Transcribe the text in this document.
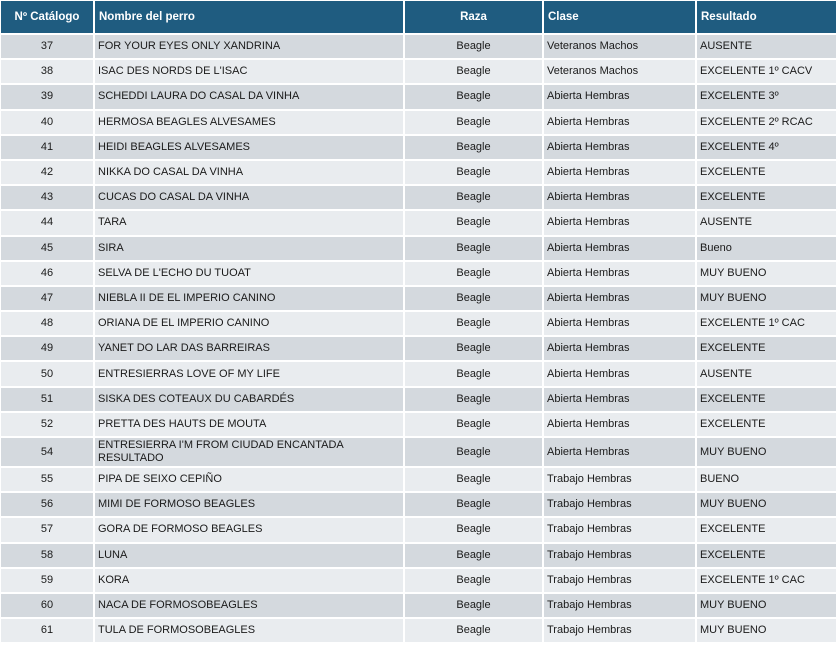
Nº Catálogo	Nombre del perro	Raza	Clase	Resultado
37	FOR YOUR EYES ONLY XANDRINA	Beagle	Veteranos Machos	AUSENTE
38	ISAC DES NORDS DE L'ISAC	Beagle	Veteranos Machos	EXCELENTE 1º CACV
39	SCHEDDI LAURA DO CASAL DA VINHA	Beagle	Abierta Hembras	EXCELENTE 3º
40	HERMOSA BEAGLES ALVESAMES	Beagle	Abierta Hembras	EXCELENTE 2º RCAC
41	HEIDI BEAGLES ALVESAMES	Beagle	Abierta Hembras	EXCELENTE 4º
42	NIKKA DO CASAL DA VINHA	Beagle	Abierta Hembras	EXCELENTE
43	CUCAS DO CASAL DA VINHA	Beagle	Abierta Hembras	EXCELENTE
44	TARA	Beagle	Abierta Hembras	AUSENTE
45	SIRA	Beagle	Abierta Hembras	Bueno
46	SELVA DE L'ECHO DU TUOAT	Beagle	Abierta Hembras	MUY BUENO
47	NIEBLA II DE EL IMPERIO CANINO	Beagle	Abierta Hembras	MUY BUENO
48	ORIANA DE EL IMPERIO CANINO	Beagle	Abierta Hembras	EXCELENTE 1º CAC
49	YANET DO LAR DAS BARREIRAS	Beagle	Abierta Hembras	EXCELENTE
50	ENTRESIERRAS LOVE OF MY LIFE	Beagle	Abierta Hembras	AUSENTE
51	SISKA DES COTEAUX DU CABARDÉS	Beagle	Abierta Hembras	EXCELENTE
52	PRETTA DES HAUTS DE MOUTA	Beagle	Abierta Hembras	EXCELENTE
54	ENTRESIERRA I'M FROM CIUDAD ENCANTADA RESULTADO	Beagle	Abierta Hembras	MUY BUENO
55	PIPA DE SEIXO CEPIÑO	Beagle	Trabajo Hembras	BUENO
56	MIMI DE FORMOSO BEAGLES	Beagle	Trabajo Hembras	MUY BUENO
57	GORA DE FORMOSO BEAGLES	Beagle	Trabajo Hembras	EXCELENTE
58	LUNA	Beagle	Trabajo Hembras	EXCELENTE
59	KORA	Beagle	Trabajo Hembras	EXCELENTE 1º CAC
60	NACA DE FORMOSOBEAGLES	Beagle	Trabajo Hembras	MUY BUENO
61	TULA DE FORMOSOBEAGLES	Beagle	Trabajo Hembras	MUY BUENO
